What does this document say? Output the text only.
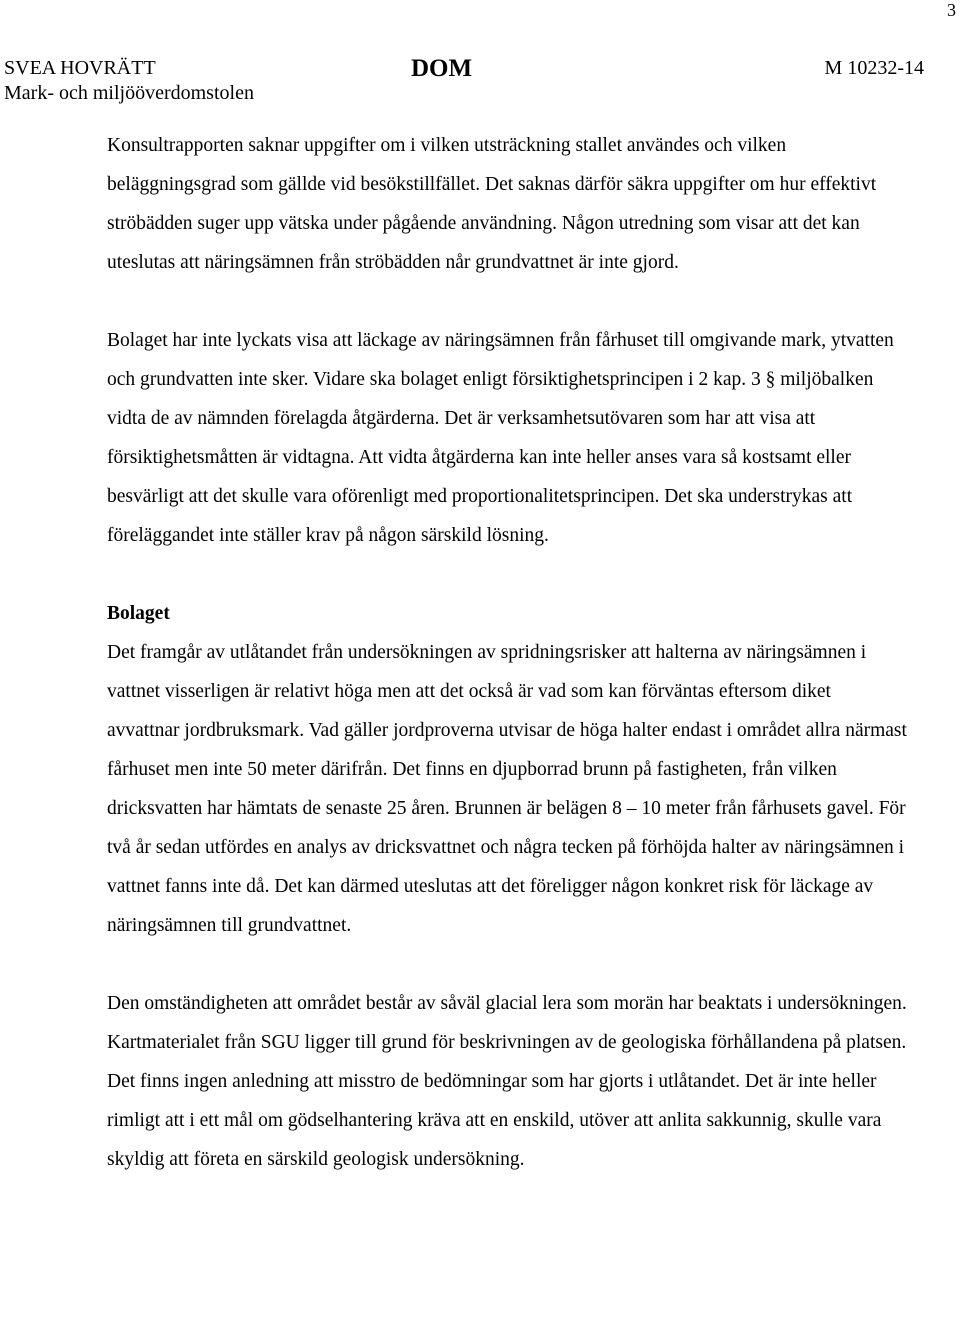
3
SVEA HOVRÄTT
Mark- och miljööverdomstolen
DOM	M 10232-14

Konsultrapporten saknar uppgifter om i vilken utsträckning stallet användes och vilken beläggningsgrad som gällde vid besökstillfället. Det saknas därför säkra uppgifter om hur effektivt ströbädden suger upp vätska under pågående användning. Någon utredning som visar att det kan uteslutas att näringsämnen från ströbädden når grundvattnet är inte gjord.

Bolaget har inte lyckats visa att läckage av näringsämnen från fårhuset till omgivande mark, ytvatten och grundvatten inte sker. Vidare ska bolaget enligt försiktighetsprincipen i 2 kap. 3 § miljöbalken vidta de av nämnden förelagda åtgärderna. Det är verksamhetsutövaren som har att visa att försiktighetsmåtten är vidtagna. Att vidta åtgärderna kan inte heller anses vara så kostsamt eller besvärligt att det skulle vara oförenligt med proportionalitetsprincipen. Det ska understrykas att föreläggandet inte ställer krav på någon särskild lösning.

Bolaget

Det framgår av utlåtandet från undersökningen av spridningsrisker att halterna av näringsämnen i vattnet visserligen är relativt höga men att det också är vad som kan förväntas eftersom diket avvattnar jordbruksmark. Vad gäller jordproverna utvisar de höga halter endast i området allra närmast fårhuset men inte 50 meter därifrån. Det finns en djupborrad brunn på fastigheten, från vilken dricksvatten har hämtats de senaste 25 åren. Brunnen är belägen 8 – 10 meter från fårhusets gavel. För två år sedan utfördes en analys av dricksvattnet och några tecken på förhöjda halter av näringsämnen i vattnet fanns inte då. Det kan därmed uteslutas att det föreligger någon konkret risk för läckage av näringsämnen till grundvattnet.

Den omständigheten att området består av såväl glacial lera som morän har beaktats i undersökningen. Kartmaterialet från SGU ligger till grund för beskrivningen av de geologiska förhållandena på platsen. Det finns ingen anledning att misstro de bedömningar som har gjorts i utlåtandet. Det är inte heller rimligt att i ett mål om gödselhantering kräva att en enskild, utöver att anlita sakkunnig, skulle vara skyldig att företa en särskild geologisk undersökning.
